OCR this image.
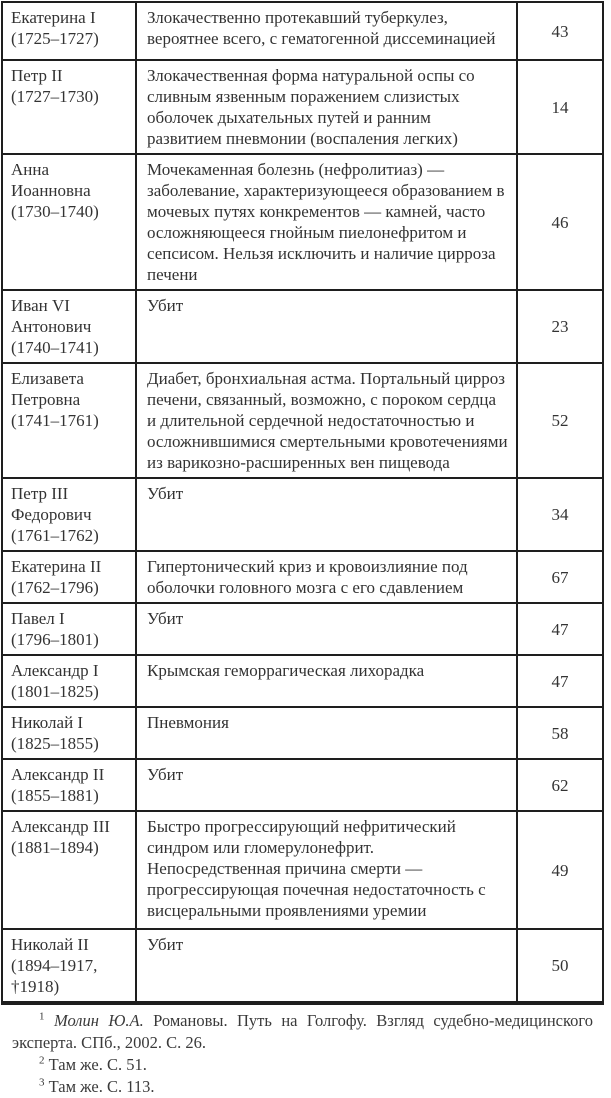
Екатерина I
(1725–1727)	Злокачественно протекавший туберкулез, вероятнее всего, с гематогенной диссеминацией	43

Петр II
(1727–1730)	Злокачественная форма натуральной оспы со сливным язвенным поражением слизистых оболочек дыхательных путей и ранним развитием пневмонии (воспаления легких)	14

Анна Иоанновна
(1730–1740)	Мочекаменная болезнь (нефролитиаз) — заболевание, характеризующееся образованием в мочевых путях конкрементов — камней, часто осложняющееся гнойным пиелонефритом и сепсисом. Нельзя исключить и наличие цирроза печени	46

Иван VI Антонович
(1740–1741)	Убит	23

Елизавета Петровна
(1741–1761)	Диабет, бронхиальная астма. Портальный цирроз печени, связанный, возможно, с пороком сердца и длительной сердечной недостаточностью и осложнившимися смертельными кровотечениями из варикозно-расширенных вен пищевода	52

Петр III Федорович
(1761–1762)	Убит	34

Екатерина II
(1762–1796)	Гипертонический криз и кровоизлияние под оболочки головного мозга с его сдавлением	67

Павел I
(1796–1801)	Убит	47

Александр I
(1801–1825)	Крымская геморрагическая лихорадка	47

Николай I
(1825–1855)	Пневмония	58

Александр II
(1855–1881)	Убит	62

Александр III
(1881–1894)	Быстро прогрессирующий нефритический синдром или гломерулонефрит. Непосредственная причина смерти — прогрессирующая почечная недостаточность с висцеральными проявлениями уремии	49

Николай II
(1894–1917, †1918)	Убит	50

$^1$ Молин Ю.А. Романовы. Путь на Голгофу. Взгляд судебно-медицинского эксперта. СПб., 2002. С. 26.

$^2$ Там же. С. 51.

$^3$ Там же. С. 113.
